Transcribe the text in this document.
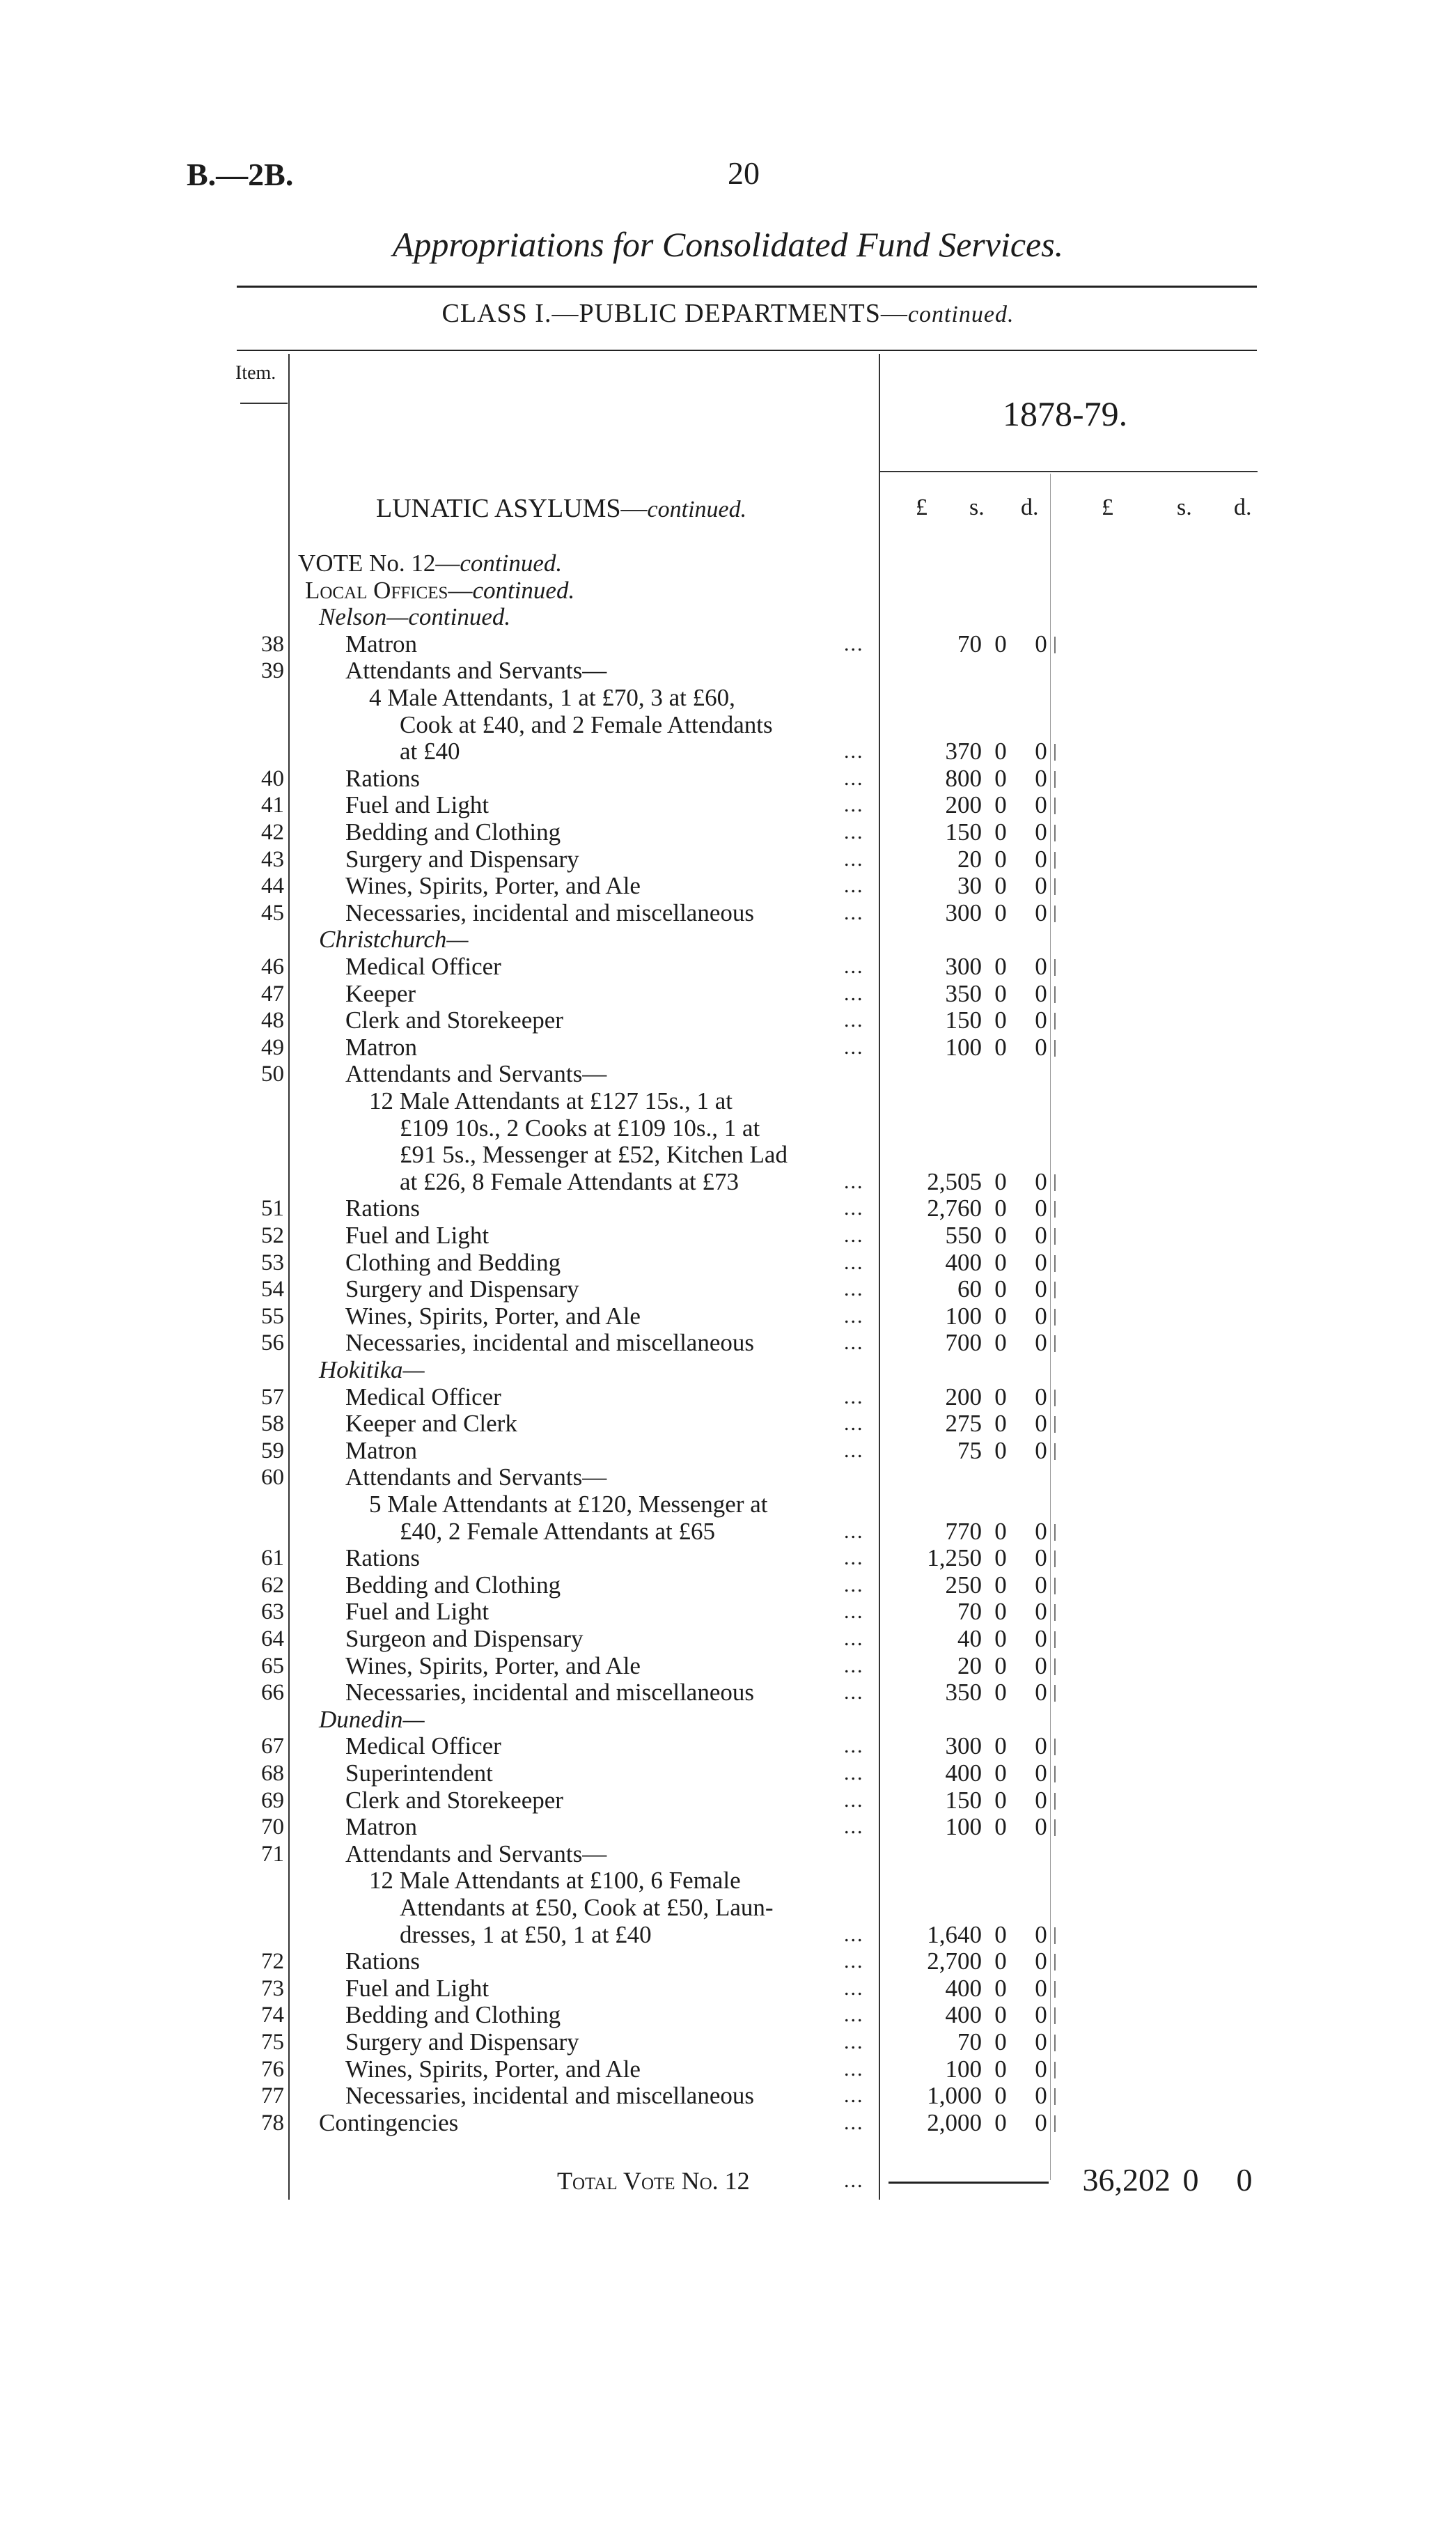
B.—2B.	20
Appropriations for Consolidated Fund Services.
CLASS I.—PUBLIC DEPARTMENTS—continued.
Item.
1878-79.
LUNATIC ASYLUMS—continued.	£ s. d.	£	s. d.
VOTE No. 12—continued.
Local Offices—continued.
Nelson—continued.
38	Matron	...	70 0 0
39	Attendants and Servants—
4 Male Attendants, 1 at £70, 3 at £60,
Cook at £40, and 2 Female Attendants
at £40	...	370 0 0
40	Rations	...	800 0 0
41	Fuel and Light	...	200 0 0
42	Bedding and Clothing	...	150 0 0
43	Surgery and Dispensary	...	20 0 0
44	Wines, Spirits, Porter, and Ale	...	30 0 0
45	Necessaries, incidental and miscellaneous	...	300 0 0
Christchurch—
46	Medical Officer	...	300 0 0
47	Keeper	...	350 0 0
48	Clerk and Storekeeper	...	150 0 0
49	Matron	...	100 0 0
50	Attendants and Servants—
12 Male Attendants at £127 15s., 1 at
£109 10s., 2 Cooks at £109 10s., 1 at
£91 5s., Messenger at £52, Kitchen Lad
at £26, 8 Female Attendants at £73	...	2,505 0 0
51	Rations	...	2,760 0 0
52	Fuel and Light	...	550 0 0
53	Clothing and Bedding	...	400 0 0
54	Surgery and Dispensary	...	60 0 0
55	Wines, Spirits, Porter, and Ale	...	100 0 0
56	Necessaries, incidental and miscellaneous	...	700 0 0
Hokitika—
57	Medical Officer	...	200 0 0
58	Keeper and Clerk	...	275 0 0
59	Matron	...	75 0 0
60	Attendants and Servants—
5 Male Attendants at £120, Messenger at
£40, 2 Female Attendants at £65	...	770 0 0
61	Rations	...	1,250 0 0
62	Bedding and Clothing	...	250 0 0
63	Fuel and Light	...	70 0 0
64	Surgeon and Dispensary	...	40 0 0
65	Wines, Spirits, Porter, and Ale	...	20 0 0
66	Necessaries, incidental and miscellaneous	...	350 0 0
Dunedin—
67	Medical Officer	...	300 0 0
68	Superintendent	...	400 0 0
69	Clerk and Storekeeper	...	150 0 0
70	Matron	...	100 0 0
71	Attendants and Servants—
12 Male Attendants at £100, 6 Female
Attendants at £50, Cook at £50, Laun-
dresses, 1 at £50, 1 at £40	...	1,640 0 0
72	Rations	...	2,700 0 0
73	Fuel and Light	...	400 0 0
74	Bedding and Clothing	...	400 0 0
75	Surgery and Dispensary	...	70 0 0
76	Wines, Spirits, Porter, and Ale	...	100 0 0
77	Necessaries, incidental and miscellaneous	...	1,000 0 0
78 Contingencies	...	2,000 0 0
Total Vote No. 12	...	36,202 0 0
